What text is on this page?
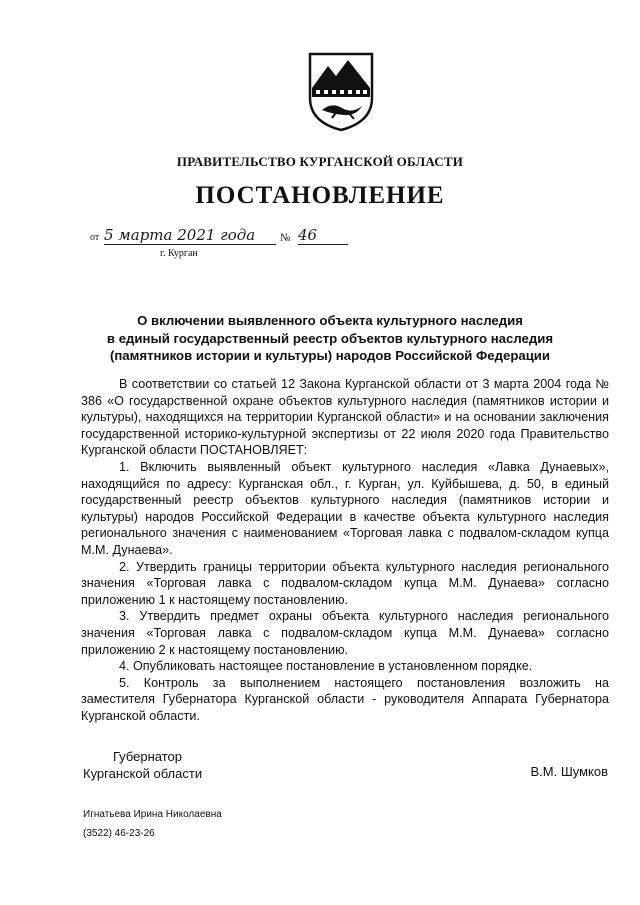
ПРАВИТЕЛЬСТВО КУРГАНСКОЙ ОБЛАСТИ
ПОСТАНОВЛЕНИЕ
от 5 марта 2021 года	№ 46
г. Курган
О включении выявленного объекта культурного наследия
в единый государственный реестр объектов культурного наследия
(памятников истории и культуры) народов Российской Федерации

В соответствии со статьей 12 Закона Курганской области от 3 марта 2004 года № 386 «О государственной охране объектов культурного наследия (памятников истории и культуры), находящихся на территории Курганской области» и на основании заключения государственной историко-культурной экспертизы от 22 июля 2020 года Правительство Курганской области ПОСТАНОВЛЯЕТ:

1. Включить выявленный объект культурного наследия «Лавка Дунаевых», находящийся по адресу: Курганская обл., г. Курган, ул. Куйбышева, д. 50, в единый государственный реестр объектов культурного наследия (памятников истории и культуры) народов Российской Федерации в качестве объекта культурного наследия регионального значения с наименованием «Торговая лавка с подвалом-складом купца М.М. Дунаева».

2. Утвердить границы территории объекта культурного наследия регионального значения «Торговая лавка с подвалом-складом купца М.М. Дунаева» согласно приложению 1 к настоящему постановлению.

3. Утвердить предмет охраны объекта культурного наследия регионального значения «Торговая лавка с подвалом-складом купца М.М. Дунаева» согласно приложению 2 к настоящему постановлению.

4. Опубликовать настоящее постановление в установленном порядке.

5. Контроль за выполнением настоящего постановления возложить на заместителя Губернатора Курганской области - руководителя Аппарата Губернатора Курганской области.

Губернатор
Курганской области	В.М. Шумков
Игнатьева Ирина Николаевна
(3522) 46-23-26
